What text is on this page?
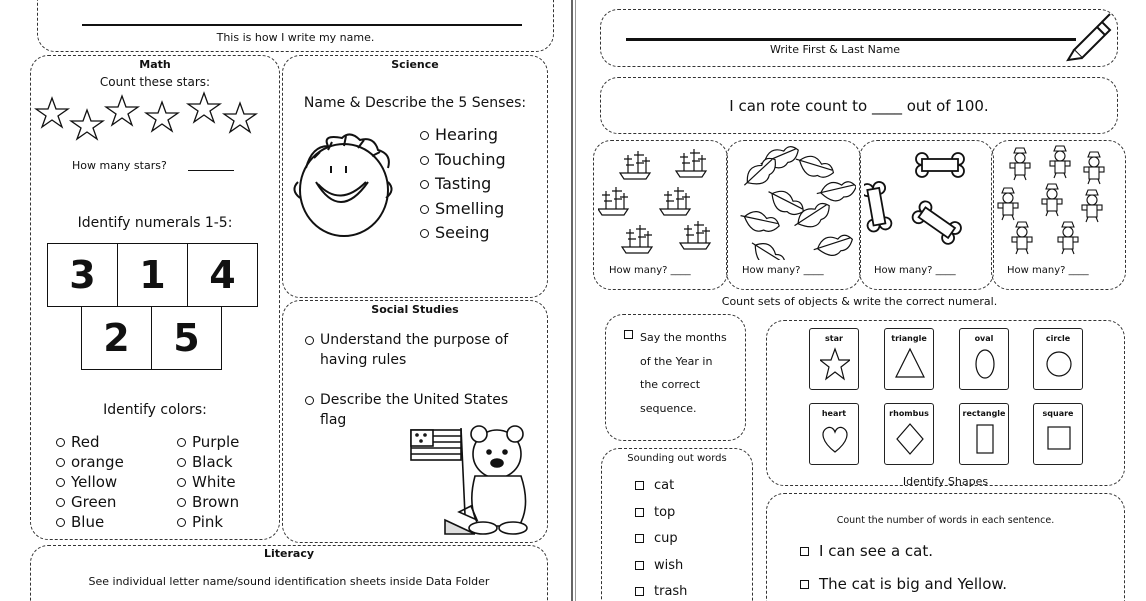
This is how I write my name.
Math
Count these stars:
How many stars?
Identify numerals 1-5:
3	1	4
2	5
Identify colors:
Red
orange
Yellow
Green
Blue
Purple
Black
White
Brown
Pink
Science
Name & Describe the 5 Senses:
Hearing
Touching
Tasting
Smelling
Seeing
Social Studies
Understand the purpose of
having rules
Describe the United States
flag
Literacy
See individual letter name/sound identification sheets inside Data Folder
Write First & Last Name
I can rote count to ____ out of 100.
How many? ____	How many? ____	How many? ____	How many? ____
Count sets of objects & write the correct numeral.
Say the months
of the Year in
the correct
sequence.
star	triangle	oval	circle
heart	rhombus	rectangle	square
Identify Shapes
Sounding out words
cat
top
cup
wish
trash
Count the number of words in each sentence.
I can see a cat.
The cat is big and Yellow.
